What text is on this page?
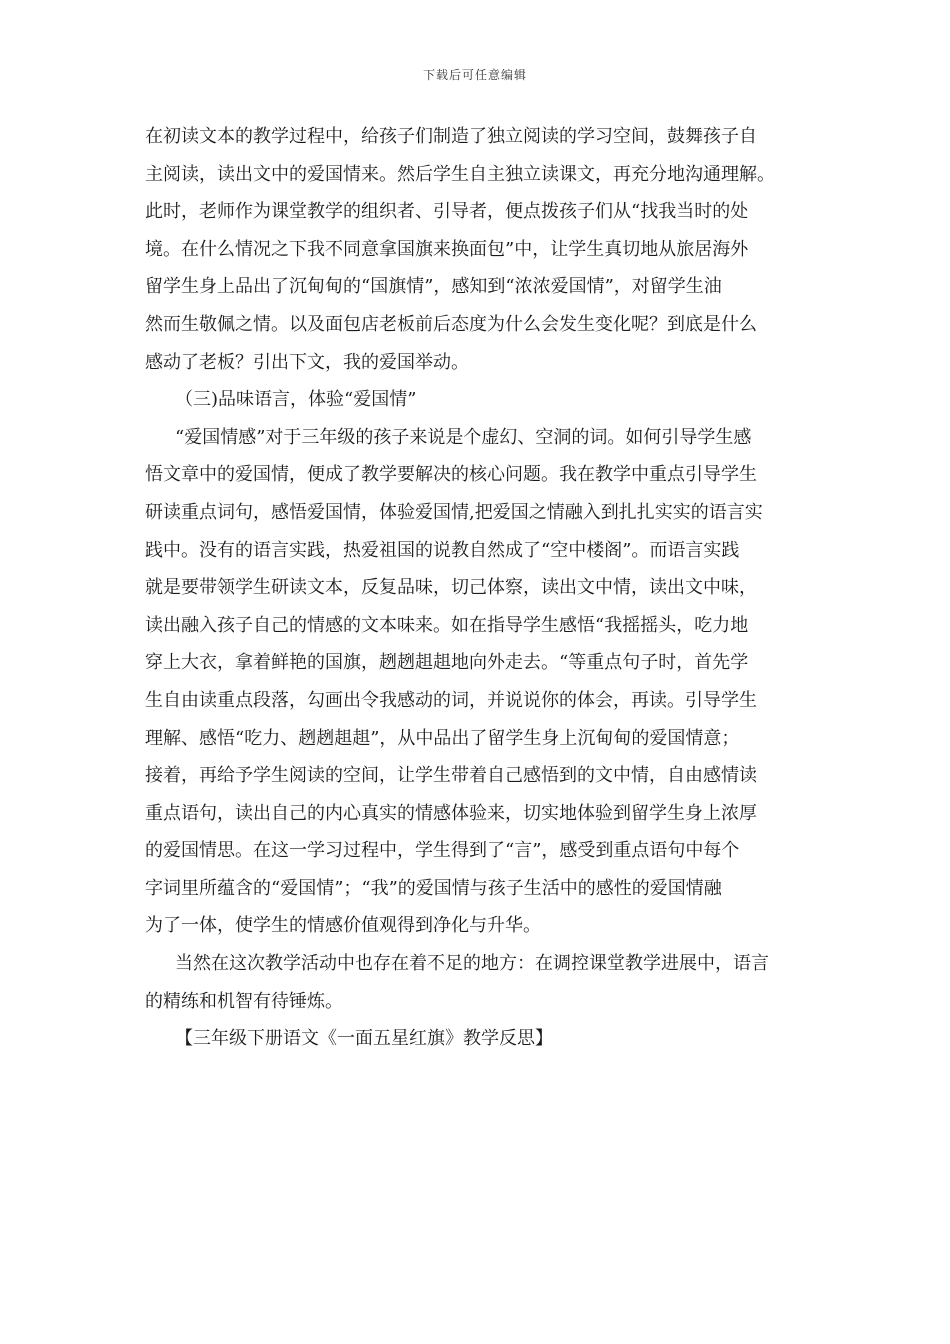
下载后可任意编辑
在初读文本的教学过程中，给孩子们制造了独立阅读的学习空间，鼓舞孩子自
主阅读，读出文中的爱国情来。然后学生自主独立读课文，再充分地沟通理解。
此时，老师作为课堂教学的组织者、引导者，便点拨孩子们从“找我当时的处
境。在什么情况之下我不同意拿国旗来换面包”中，让学生真切地从旅居海外
留学生身上品出了沉甸甸的“国旗情”，感知到“浓浓爱国情”，对留学生油
然而生敬佩之情。以及面包店老板前后态度为什么会发生变化呢？到底是什么
感动了老板？引出下文，我的爱国举动。
（三)品味语言，体验“爱国情”
“爱国情感”对于三年级的孩子来说是个虚幻、空洞的词。如何引导学生感
悟文章中的爱国情，便成了教学要解决的核心问题。我在教学中重点引导学生
研读重点词句，感悟爱国情，体验爱国情,把爱国之情融入到扎扎实实的语言实
践中。没有的语言实践，热爱祖国的说教自然成了“空中楼阁”。而语言实践
就是要带领学生研读文本，反复品味，切己体察，读出文中情，读出文中味，
读出融入孩子自己的情感的文本味来。如在指导学生感悟“我摇摇头，吃力地
穿上大衣，拿着鲜艳的国旗，趔趔趄趄地向外走去。“等重点句子时，首先学
生自由读重点段落，勾画出令我感动的词，并说说你的体会，再读。引导学生
理解、感悟“吃力、趔趔趄趄”，从中品出了留学生身上沉甸甸的爱国情意；
接着，再给予学生阅读的空间，让学生带着自己感悟到的文中情，自由感情读
重点语句，读出自己的内心真实的情感体验来，切实地体验到留学生身上浓厚
的爱国情思。在这一学习过程中，学生得到了“言”，感受到重点语句中每个
字词里所蕴含的“爱国情”；“我”的爱国情与孩子生活中的感性的爱国情融
为了一体，使学生的情感价值观得到净化与升华。
当然在这次教学活动中也存在着不足的地方：在调控课堂教学进展中，语言
的精练和机智有待锤炼。
【三年级下册语文《一面五星红旗》教学反思】
